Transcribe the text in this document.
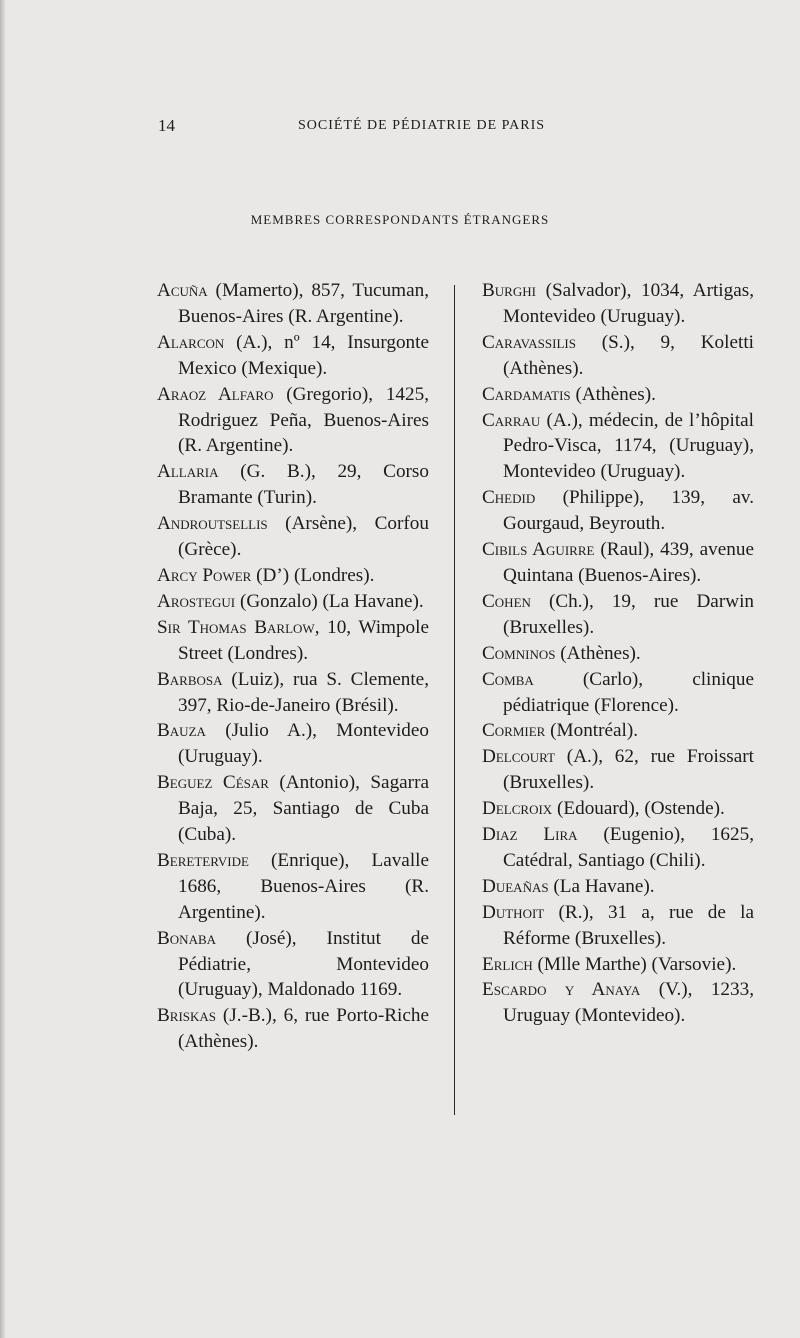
14	SOCIÉTÉ DE PÉDIATRIE DE PARIS
MEMBRES CORRESPONDANTS ÉTRANGERS

Acuña (Mamerto), 857, Tucuman, Buenos-Aires (R. Argentine).

Alarcon (A.), nº 14, Insurgonte Mexico (Mexique).

Araoz Alfaro (Gregorio), 1425, Rodriguez Peña, Buenos-Aires (R. Argentine).

Allaria (G. B.), 29, Corso Bramante (Turin).

Androutsellis (Arsène), Corfou (Grèce).

Arcy Power (D’) (Londres).

Arostegui (Gonzalo) (La Havane).

Sir Thomas Barlow, 10, Wimpole Street (Londres).

Barbosa (Luiz), rua S. Clemente, 397, Rio-de-Janeiro (Brésil).

Bauza (Julio A.), Montevideo (Uruguay).

Beguez César (Antonio), Sagarra Baja, 25, Santiago de Cuba (Cuba).

Beretervide (Enrique), Lavalle 1686, Buenos-Aires (R. Argentine).

Bonaba (José), Institut de Pédiatrie, Montevideo (Uruguay), Maldonado 1169.

Briskas (J.-B.), 6, rue Porto-Riche (Athènes).

Burghi (Salvador), 1034, Artigas, Montevideo (Uruguay).

Caravassilis (S.), 9, Koletti (Athènes).

Cardamatis (Athènes).

Carrau (A.), médecin, de l’hôpital Pedro-Visca, 1174, (Uruguay), Montevideo (Uruguay).

Chedid (Philippe), 139, av. Gourgaud, Beyrouth.

Cibils Aguirre (Raul), 439, avenue Quintana (Buenos-Aires).

Cohen (Ch.), 19, rue Darwin (Bruxelles).

Comninos (Athènes).

Comba (Carlo), clinique pédiatrique (Florence).

Cormier (Montréal).

Delcourt (A.), 62, rue Froissart (Bruxelles).

Delcroix (Edouard), (Ostende).

Diaz Lira (Eugenio), 1625, Catédral, Santiago (Chili).

Dueañas (La Havane).

Duthoit (R.), 31 a, rue de la Réforme (Bruxelles).

Erlich (Mlle Marthe) (Varsovie).

Escardo y Anaya (V.), 1233, Uruguay (Montevideo).
